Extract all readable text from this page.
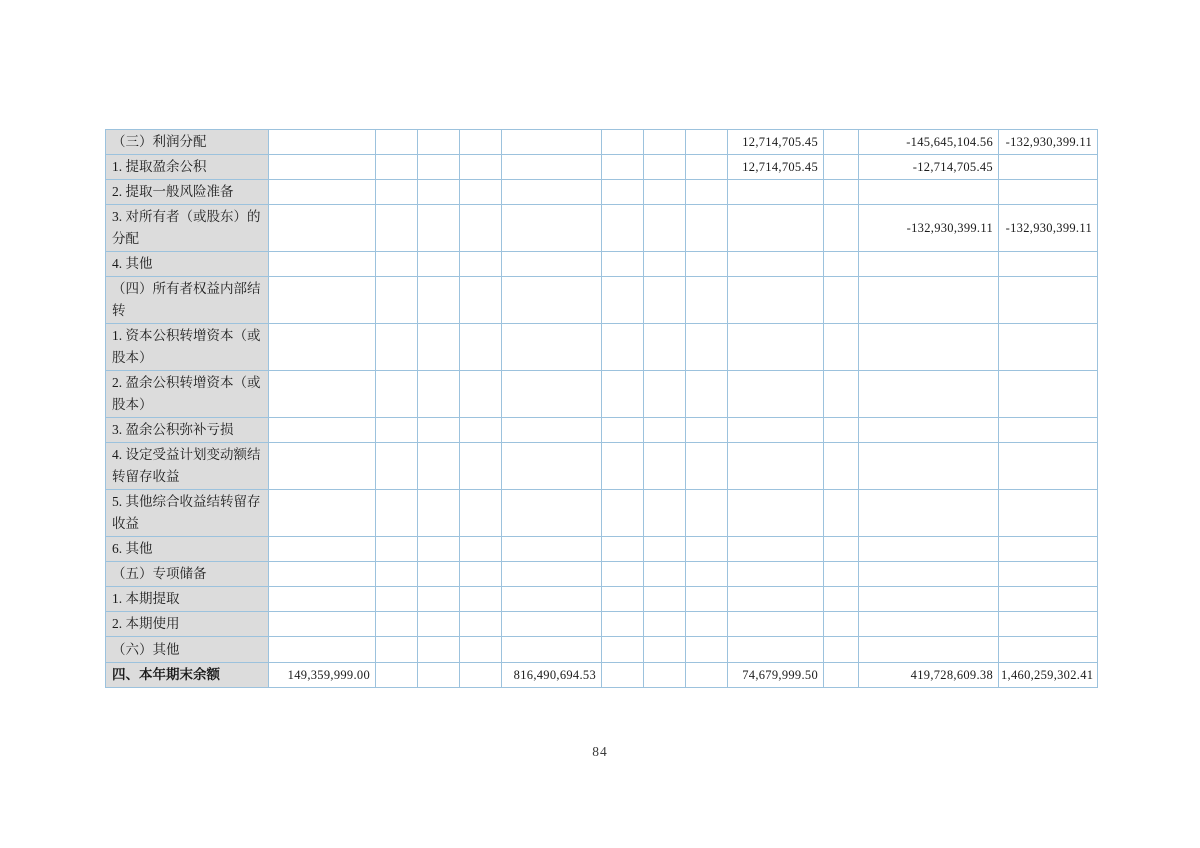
（三）利润分配									12,714,705.45		-145,645,104.56	-132,930,399.11
1. 提取盈余公积									12,714,705.45		-12,714,705.45	
2. 提取一般风险准备												
3. 对所有者（或股东）的分配											-132,930,399.11	-132,930,399.11
4. 其他												
（四）所有者权益内部结转												
1. 资本公积转增资本（或股本）												
2. 盈余公积转增资本（或股本）												
3. 盈余公积弥补亏损												
4. 设定受益计划变动额结转留存收益												
5. 其他综合收益结转留存收益												
6. 其他												
（五）专项储备												
1. 本期提取												
2. 本期使用												
（六）其他												
四、本年期末余额	149,359,999.00				816,490,694.53				74,679,999.50		419,728,609.38	1,460,259,302.41
84
